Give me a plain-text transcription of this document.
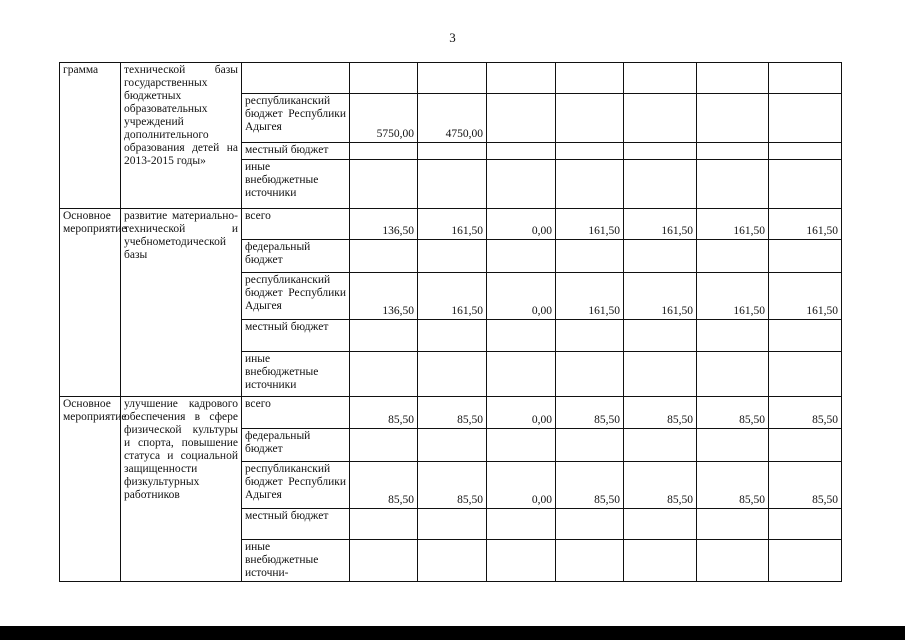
3
грамма	технической базы государственных бюджетных образовательных учреждений дополнительного образования детей на 2013-2015 годы»								
		республиканский бюджет Республики Адыгея	5750,00	4750,00					
		местный бюджет							
		иные внебюджетные источники							
Основное мероприятие	развитие материально-технической и учебнометодической базы	всего	136,50	161,50	0,00	161,50	161,50	161,50	161,50
		федеральный бюджет							
		республиканский бюджет Республики Адыгея	136,50	161,50	0,00	161,50	161,50	161,50	161,50
		местный бюджет							
		иные внебюджетные источники							
Основное мероприятие	улучшение кадрового обеспечения в сфере физической культуры и спорта, повышение статуса и социальной защищенности физкультурных работников	всего	85,50	85,50	0,00	85,50	85,50	85,50	85,50
		федеральный бюджет							
		республиканский бюджет Республики Адыгея	85,50	85,50	0,00	85,50	85,50	85,50	85,50
		местный бюджет							
		иные внебюджетные источни-							
